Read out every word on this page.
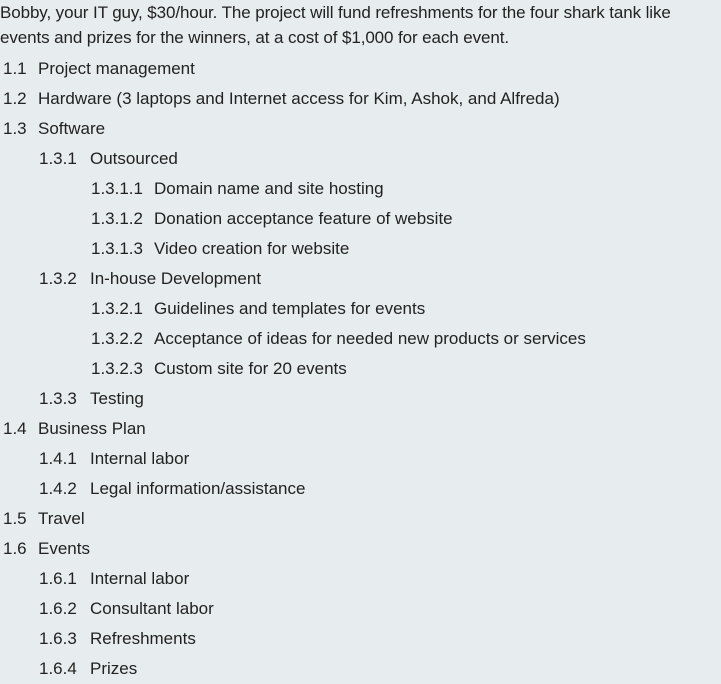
Bobby, your IT guy, $30/hour. The project will fund refreshments for the four shark tank like events and prizes for the winners, at a cost of $1,000 for each event.

1.1 Project management
1.2 Hardware (3 laptops and Internet access for Kim, Ashok, and Alfreda)
1.3 Software
1.3.1 Outsourced
1.3.1.1 Domain name and site hosting
1.3.1.2 Donation acceptance feature of website
1.3.1.3 Video creation for website
1.3.2 In-house Development
1.3.2.1 Guidelines and templates for events
1.3.2.2 Acceptance of ideas for needed new products or services
1.3.2.3 Custom site for 20 events
1.3.3 Testing
1.4 Business Plan
1.4.1 Internal labor
1.4.2 Legal information/assistance
1.5 Travel
1.6 Events
1.6.1 Internal labor
1.6.2 Consultant labor
1.6.3 Refreshments
1.6.4 Prizes
